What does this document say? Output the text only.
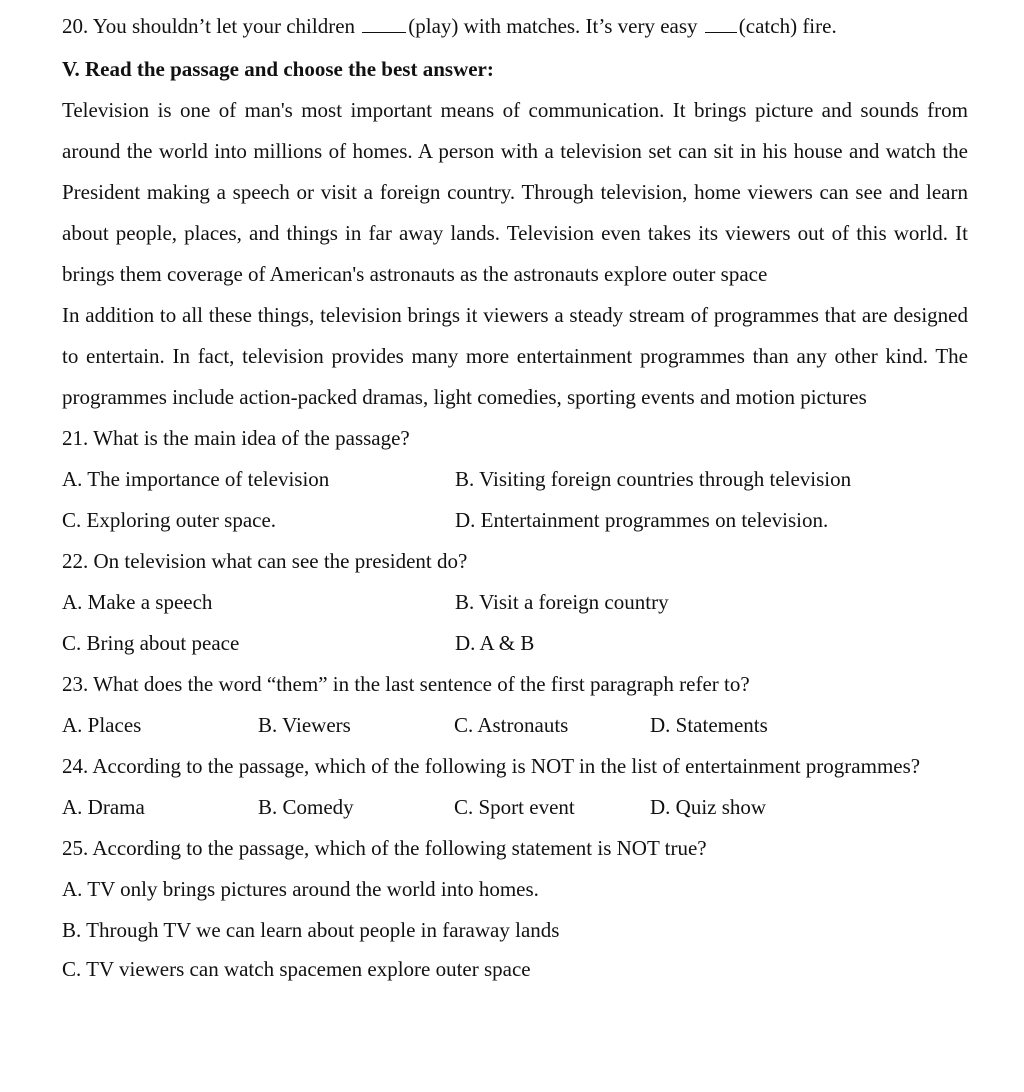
20. You shouldn’t let your children (play) with matches. It’s very easy (catch) fire.
V. Read the passage and choose the best answer:

Television is one of man's most important means of communication. It brings picture and sounds from around the world into millions of homes. A person with a television set can sit in his house and watch the President making a speech or visit a foreign country. Through television, home viewers can see and learn about people, places, and things in far away lands. Television even takes its viewers out of this world. It brings them coverage of American's astronauts as the astronauts explore outer space

In addition to all these things, television brings it viewers a steady stream of programmes that are designed to entertain. In fact, television provides many more entertainment programmes than any other kind. The programmes include action-packed dramas, light comedies, sporting events and motion pictures

21. What is the main idea of the passage?
A. The importance of television	B. Visiting foreign countries through television
C. Exploring outer space.	D. Entertainment programmes on television.
22. On television what can see the president do?
A. Make a speech	B. Visit a foreign country
C. Bring about peace	D. A & B
23. What does the word “them” in the last sentence of the first paragraph refer to?
A. Places	B. Viewers	C. Astronauts	D. Statements

24. According to the passage, which of the following is NOT in the list of entertainment programmes?

A. Drama	B. Comedy	C. Sport event	D. Quiz show
25. According to the passage, which of the following statement is NOT true?
A. TV only brings pictures around the world into homes.
B. Through TV we can learn about people in faraway lands
C. TV viewers can watch spacemen explore outer space
